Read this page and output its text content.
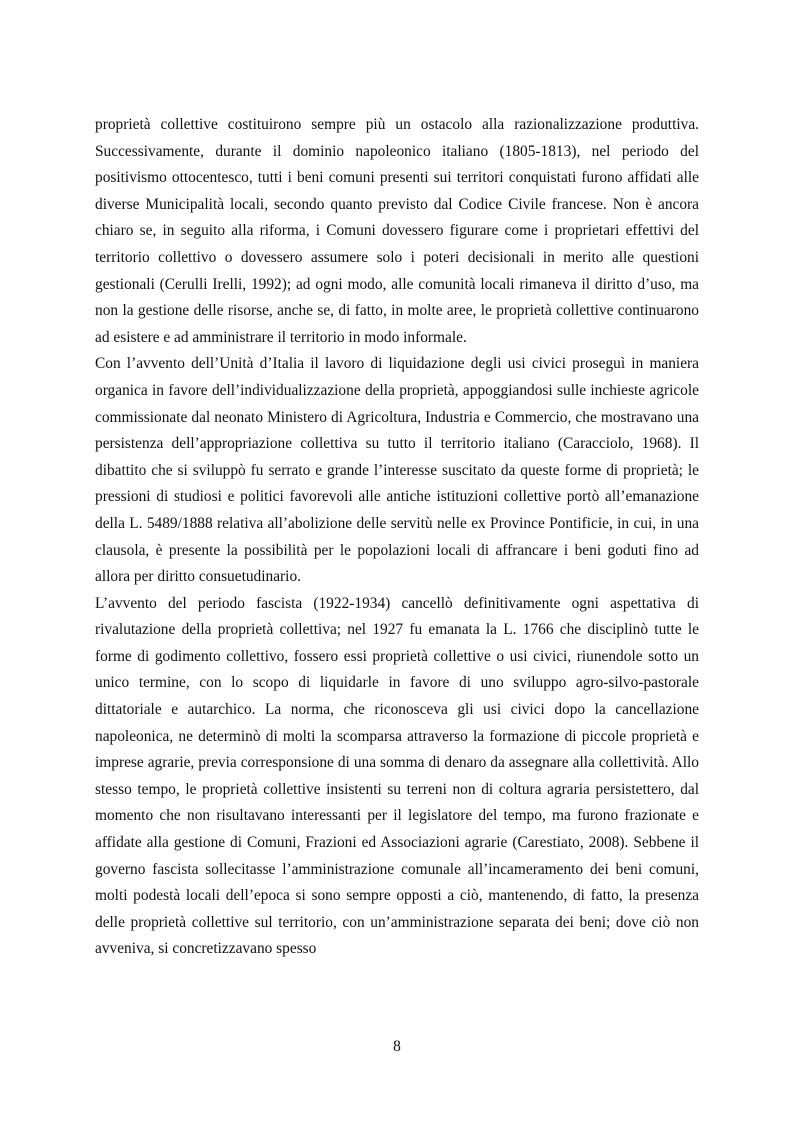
proprietà collettive costituirono sempre più un ostacolo alla razionalizzazione produttiva. Successivamente, durante il dominio napoleonico italiano (1805-1813), nel periodo del positivismo ottocentesco, tutti i beni comuni presenti sui territori conquistati furono affidati alle diverse Municipalità locali, secondo quanto previsto dal Codice Civile francese. Non è ancora chiaro se, in seguito alla riforma, i Comuni dovessero figurare come i proprietari effettivi del territorio collettivo o dovessero assumere solo i poteri decisionali in merito alle questioni gestionali (Cerulli Irelli, 1992); ad ogni modo, alle comunità locali rimaneva il diritto d’uso, ma non la gestione delle risorse, anche se, di fatto, in molte aree, le proprietà collettive continuarono ad esistere e ad amministrare il territorio in modo informale.

Con l’avvento dell’Unità d’Italia il lavoro di liquidazione degli usi civici proseguì in maniera organica in favore dell’individualizzazione della proprietà, appoggiandosi sulle inchieste agricole commissionate dal neonato Ministero di Agricoltura, Industria e Commercio, che mostravano una persistenza dell’appropriazione collettiva su tutto il territorio italiano (Caracciolo, 1968). Il dibattito che si sviluppò fu serrato e grande l’interesse suscitato da queste forme di proprietà; le pressioni di studiosi e politici favorevoli alle antiche istituzioni collettive portò all’emanazione della L. 5489/1888 relativa all’abolizione delle servitù nelle ex Province Pontificie, in cui, in una clausola, è presente la possibilità per le popolazioni locali di affrancare i beni goduti fino ad allora per diritto consuetudinario.

L’avvento del periodo fascista (1922-1934) cancellò definitivamente ogni aspettativa di rivalutazione della proprietà collettiva; nel 1927 fu emanata la L. 1766 che disciplinò tutte le forme di godimento collettivo, fossero essi proprietà collettive o usi civici, riunendole sotto un unico termine, con lo scopo di liquidarle in favore di uno sviluppo agro-silvo-pastorale dittatoriale e autarchico. La norma, che riconosceva gli usi civici dopo la cancellazione napoleonica, ne determinò di molti la scomparsa attraverso la formazione di piccole proprietà e imprese agrarie, previa corresponsione di una somma di denaro da assegnare alla collettività. Allo stesso tempo, le proprietà collettive insistenti su terreni non di coltura agraria persistettero, dal momento che non risultavano interessanti per il legislatore del tempo, ma furono frazionate e affidate alla gestione di Comuni, Frazioni ed Associazioni agrarie (Carestiato, 2008). Sebbene il governo fascista sollecitasse l’amministrazione comunale all’incameramento dei beni comuni, molti podestà locali dell’epoca si sono sempre opposti a ciò, mantenendo, di fatto, la presenza delle proprietà collettive sul territorio, con un’amministrazione separata dei beni; dove ciò non avveniva, si concretizzavano spesso

8
